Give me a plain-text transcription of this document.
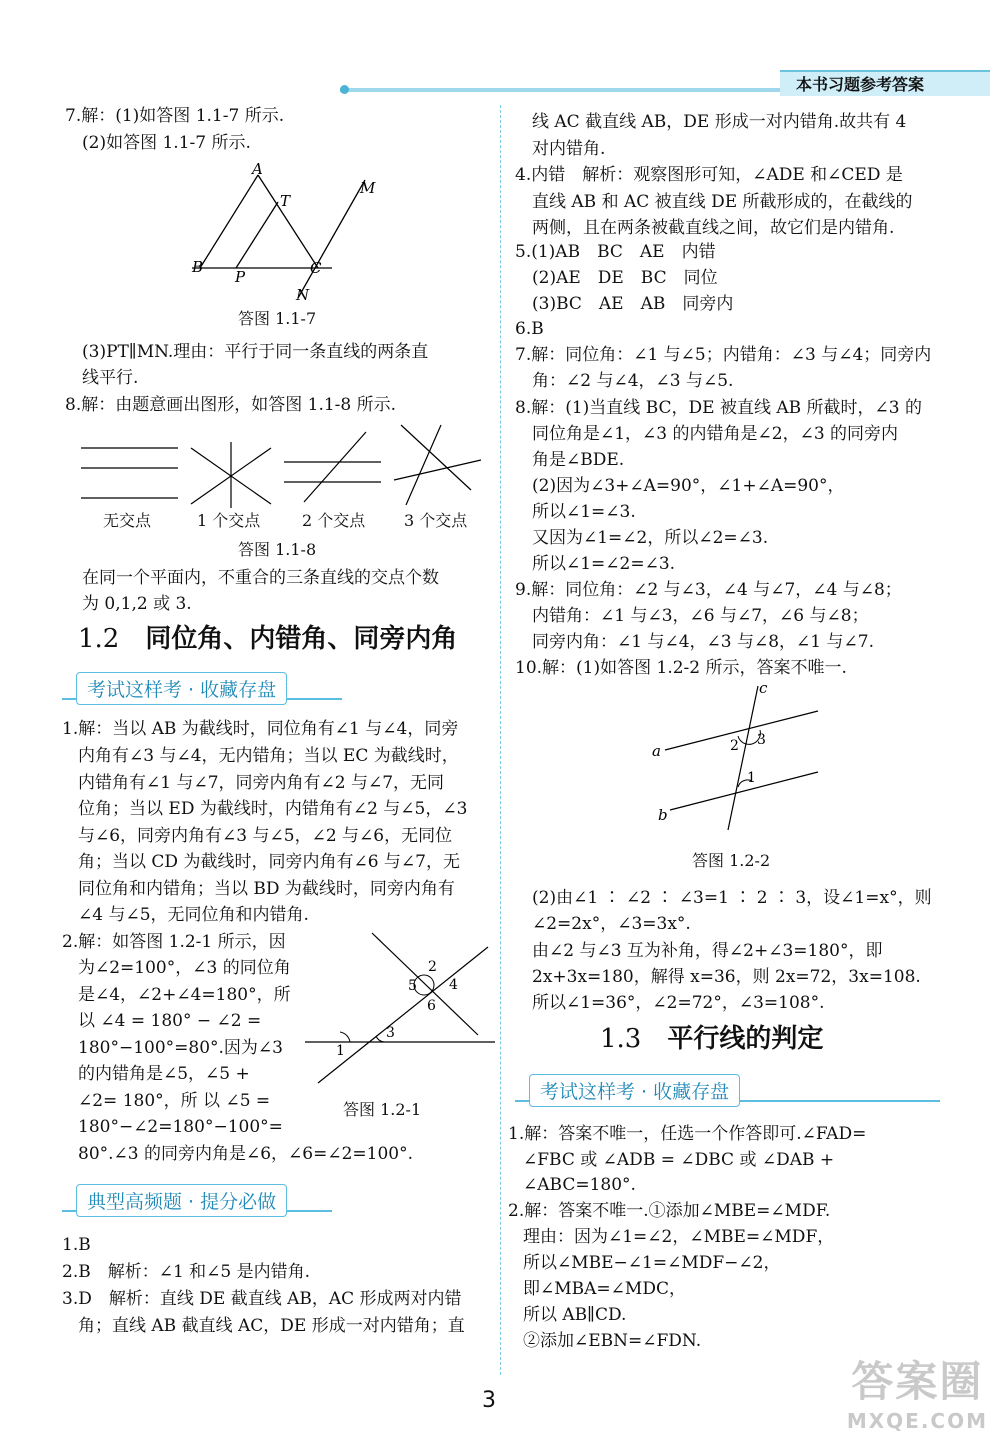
本书习题参考答案
7.解：(1)如答图 1.1-7 所示.
(2)如答图 1.1-7 所示.
A
T
M
B
P	C
N
答图 1.1-7
(3)PT∥MN.理由：平行于同一条直线的两条直
线平行.
8.解：由题意画出图形，如答图 1.1-8 所示.
无交点	1 个交点	2 个交点 3 个交点
答图 1.1-8
在同一个平面内，不重合的三条直线的交点个数
为 0,1,2 或 3.
1.2 同位角、内错角、同旁内角
考试这样考 · 收藏存盘
1.解：当以 AB 为截线时，同位角有∠1 与∠4，同旁
内角有∠3 与∠4，无内错角；当以 EC 为截线时，
内错角有∠1 与∠7，同旁内角有∠2 与∠7，无同
位角；当以 ED 为截线时，内错角有∠2 与∠5，∠3
与∠6，同旁内角有∠3 与∠5，∠2 与∠6，无同位
角；当以 CD 为截线时，同旁内角有∠6 与∠7，无
同位角和内错角；当以 BD 为截线时，同旁内角有
∠4 与∠5，无同位角和内错角.
2.解：如答图 1.2-1 所示，因
为∠2=100°，∠3 的同位角
是∠4，∠2+∠4=180°，所
以 ∠4 = 180° − ∠2 =
180°−100°=80°.因为∠3
的内错角是∠5，∠5 +
∠2= 180°，所 以 ∠5 =
180°−∠2=180°−100°=
80°.∠3 的同旁内角是∠6，∠6=∠2=100°.
2
5 4
6
3
1
答图 1.2-1
典型高频题 · 提分必做
1.B
2.B　解析：∠1 和∠5 是内错角.
3.D　解析：直线 DE 截直线 AB，AC 形成两对内错
角；直线 AB 截直线 AC，DE 形成一对内错角；直
线 AC 截直线 AB，DE 形成一对内错角.故共有 4
对内错角.
4.内错　解析：观察图形可知，∠ADE 和∠CED 是
直线 AB 和 AC 被直线 DE 所截形成的，在截线的
两侧，且在两条被截直线之间，故它们是内错角.
5.(1)AB　BC　AE　内错
(2)AE　DE　BC　同位
(3)BC　AE　AB　同旁内
6.B
7.解：同位角：∠1 与∠5；内错角：∠3 与∠4；同旁内
角：∠2 与∠4，∠3 与∠5.
8.解：(1)当直线 BC，DE 被直线 AB 所截时，∠3 的
同位角是∠1，∠3 的内错角是∠2，∠3 的同旁内
角是∠BDE.
(2)因为∠3+∠A=90°，∠1+∠A=90°，
所以∠1=∠3.
又因为∠1=∠2，所以∠2=∠3.
所以∠1=∠2=∠3.
9.解：同位角：∠2 与∠3，∠4 与∠7，∠4 与∠8；
内错角：∠1 与∠3，∠6 与∠7，∠6 与∠8；
同旁内角：∠1 与∠4，∠3 与∠8，∠1 与∠7.
10.解：(1)如答图 1.2-2 所示，答案不唯一.
c
a	2 3
1
b
答图 1.2-2
(2)由∠1 ∶ ∠2 ∶ ∠3=1 ∶ 2 ∶ 3，设∠1=x°，则
∠2=2x°，∠3=3x°.
由∠2 与∠3 互为补角，得∠2+∠3=180°，即
2x+3x=180，解得 x=36，则 2x=72，3x=108.
所以∠1=36°，∠2=72°，∠3=108°.
1.3 平行线的判定
考试这样考 · 收藏存盘
1.解：答案不唯一，任选一个作答即可.∠FAD=
∠FBC 或 ∠ADB = ∠DBC 或 ∠DAB +
∠ABC=180°.
2.解：答案不唯一.①添加∠MBE=∠MDF.
理由：因为∠1=∠2，∠MBE=∠MDF，
所以∠MBE−∠1=∠MDF−∠2，
即∠MBA=∠MDC，
所以 AB∥CD.
②添加∠EBN=∠FDN.
3	答案圈
MXQE.COM
